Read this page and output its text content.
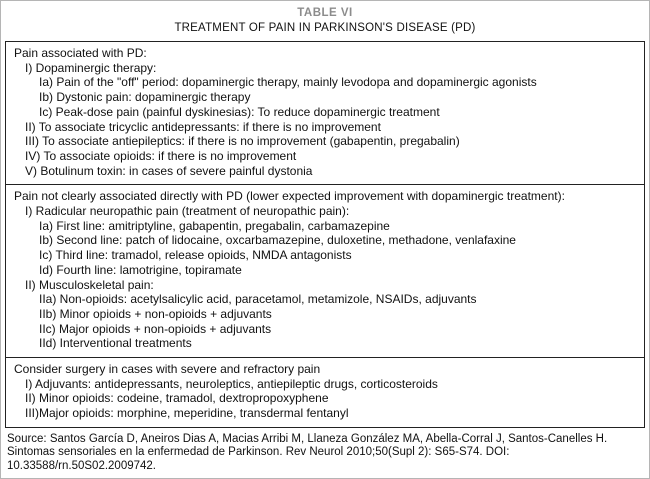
TABLE VI
TREATMENT OF PAIN IN PARKINSON'S DISEASE (PD)
Pain associated with PD:
I) Dopaminergic therapy:
Ia) Pain of the "off" period: dopaminergic therapy, mainly levodopa and dopaminergic agonists
Ib) Dystonic pain: dopaminergic therapy
Ic) Peak-dose pain (painful dyskinesias): To reduce dopaminergic treatment
II) To associate tricyclic antidepressants: if there is no improvement
III) To associate antiepileptics: if there is no improvement (gabapentin, pregabalin)
IV) To associate opioids: if there is no improvement
V) Botulinum toxin: in cases of severe painful dystonia
Pain not clearly associated directly with PD (lower expected improvement with dopaminergic treatment):
I) Radicular neuropathic pain (treatment of neuropathic pain):
Ia) First line: amitriptyline, gabapentin, pregabalin, carbamazepine
Ib) Second line: patch of lidocaine, oxcarbamazepine, duloxetine, methadone, venlafaxine
Ic) Third line: tramadol, release opioids, NMDA antagonists
Id) Fourth line: lamotrigine, topiramate
II) Musculoskeletal pain:
IIa) Non-opioids: acetylsalicylic acid, paracetamol, metamizole, NSAIDs, adjuvants
IIb) Minor opioids + non-opioids + adjuvants
IIc) Major opioids + non-opioids + adjuvants
IId) Interventional treatments
Consider surgery in cases with severe and refractory pain
I) Adjuvants: antidepressants, neuroleptics, antiepileptic drugs, corticosteroids
II) Minor opioids: codeine, tramadol, dextropropoxyphene
III)Major opioids: morphine, meperidine, transdermal fentanyl
Source: Santos García D, Aneiros Dias A, Macias Arribi M, Llaneza González MA, Abella-Corral J, Santos-Canelles H. Sintomas sensoriales en la enfermedad de Parkinson. Rev Neurol 2010;50(Supl 2): S65-S74. DOI: 10.33588/rn.50S02.2009742.
